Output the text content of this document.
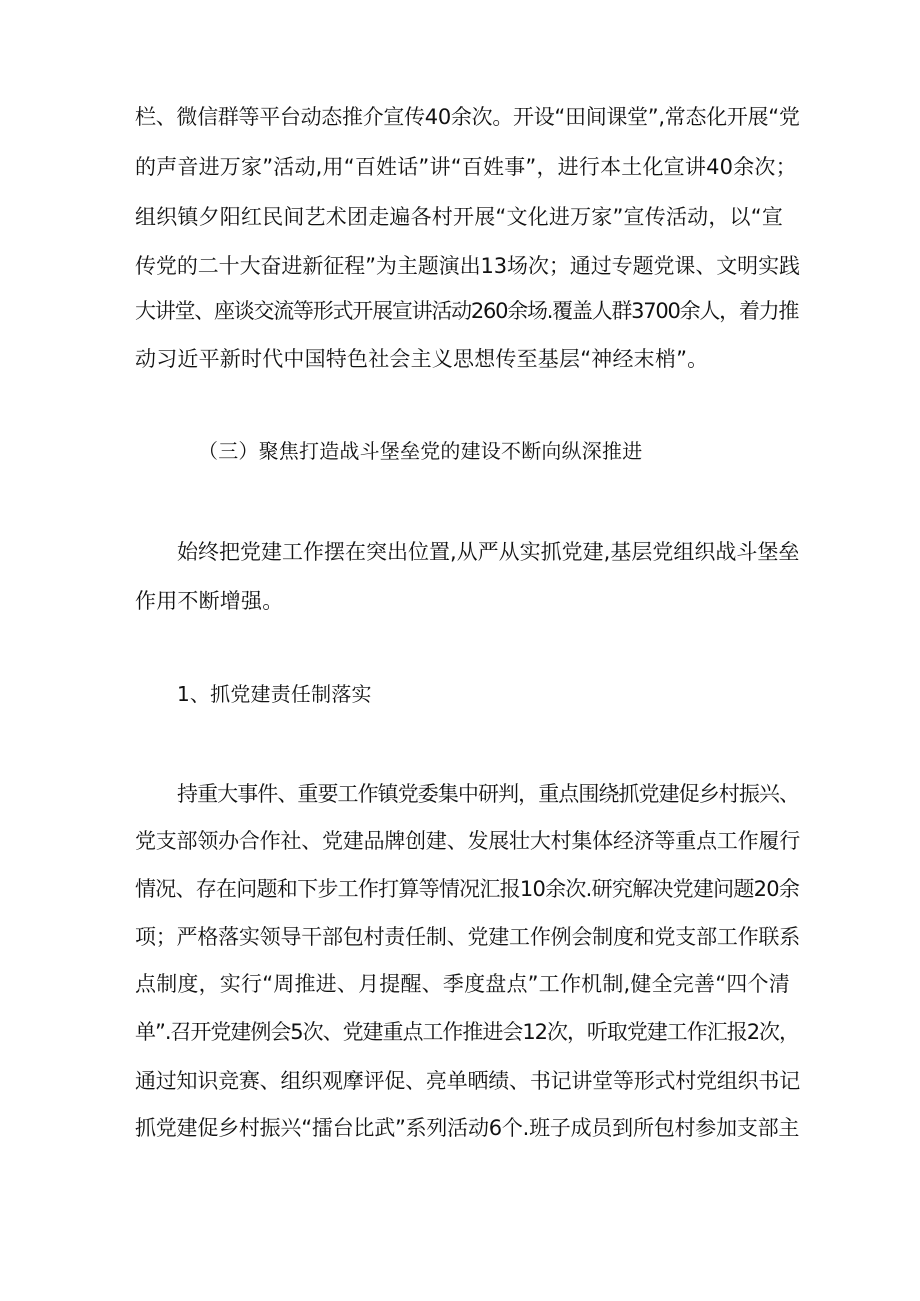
栏、微信群等平台动态推介宣传40余次。开设“田间课堂”,常态化开展“党
的声音进万家”活动,用“百姓话”讲“百姓事”，进行本土化宣讲40余次；
组织镇夕阳红民间艺术团走遍各村开展“文化进万家”宣传活动，以“宣
传党的二十大奋进新征程”为主题演出13场次；通过专题党课、文明实践
大讲堂、座谈交流等形式开展宣讲活动260余场.覆盖人群3700余人，着力推
动习近平新时代中国特色社会主义思想传至基层“神经末梢”。
（三）聚焦打造战斗堡垒党的建设不断向纵深推进
始终把党建工作摆在突出位置,从严从实抓党建,基层党组织战斗堡垒
作用不断增强。
1、抓党建责任制落实
持重大事件、重要工作镇党委集中研判，重点围绕抓党建促乡村振兴、
党支部领办合作社、党建品牌创建、发展壮大村集体经济等重点工作履行
情况、存在问题和下步工作打算等情况汇报10余次.研究解决党建问题20余
项；严格落实领导干部包村责任制、党建工作例会制度和党支部工作联系
点制度，实行“周推进、月提醒、季度盘点”工作机制,健全完善“四个清
单”.召开党建例会5次、党建重点工作推进会12次，听取党建工作汇报2次，
通过知识竞赛、组织观摩评促、亮单晒绩、书记讲堂等形式村党组织书记
抓党建促乡村振兴“擂台比武”系列活动6个.班子成员到所包村参加支部主
